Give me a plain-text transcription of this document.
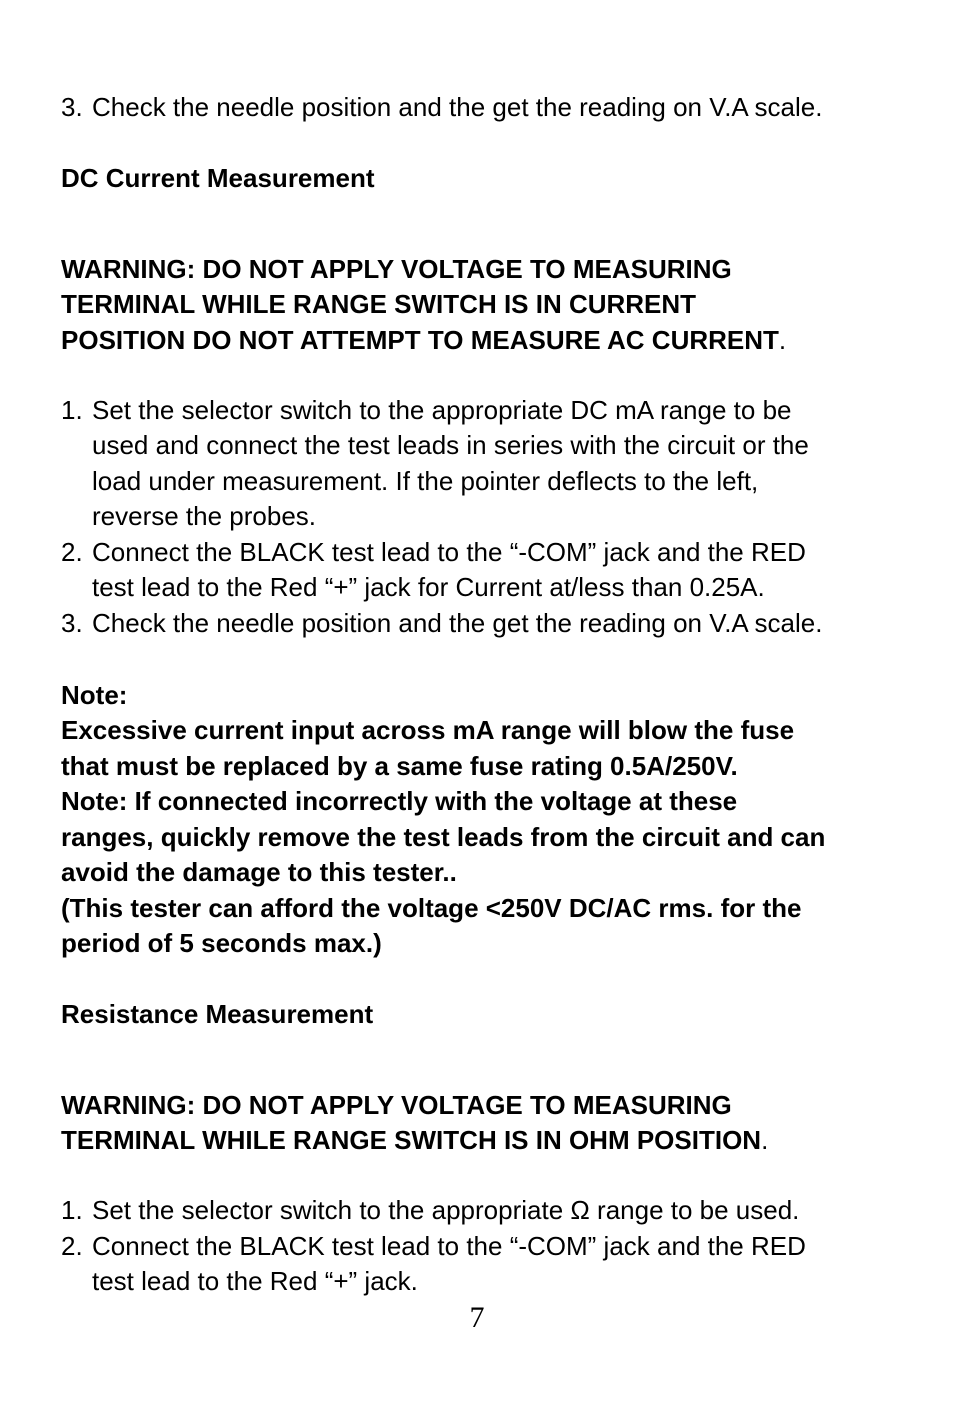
3. Check the needle position and the get the reading on V.A scale.
DC Current Measurement
WARNING: DO NOT APPLY VOLTAGE TO MEASURING
TERMINAL WHILE RANGE SWITCH IS IN CURRENT
POSITION DO NOT ATTEMPT TO MEASURE AC CURRENT.
1. Set the selector switch to the appropriate DC mA range to be
used and connect the test leads in series with the circuit or the
load under measurement. If the pointer deflects to the left,
reverse the probes.
2. Connect the BLACK test lead to the “-COM” jack and the RED
test lead to the Red “+” jack for Current at/less than 0.25A.
3. Check the needle position and the get the reading on V.A scale.
Note:
Excessive current input across mA range will blow the fuse
that must be replaced by a same fuse rating 0.5A/250V.
Note: If connected incorrectly with the voltage at these
ranges, quickly remove the test leads from the circuit and can
avoid the damage to this tester..
(This tester can afford the voltage <250V DC/AC rms. for the
period of 5 seconds max.)
Resistance Measurement
WARNING: DO NOT APPLY VOLTAGE TO MEASURING
TERMINAL WHILE RANGE SWITCH IS IN OHM POSITION.
1. Set the selector switch to the appropriate Ω range to be used.
2. Connect the BLACK test lead to the “-COM” jack and the RED
test lead to the Red “+” jack.
7
